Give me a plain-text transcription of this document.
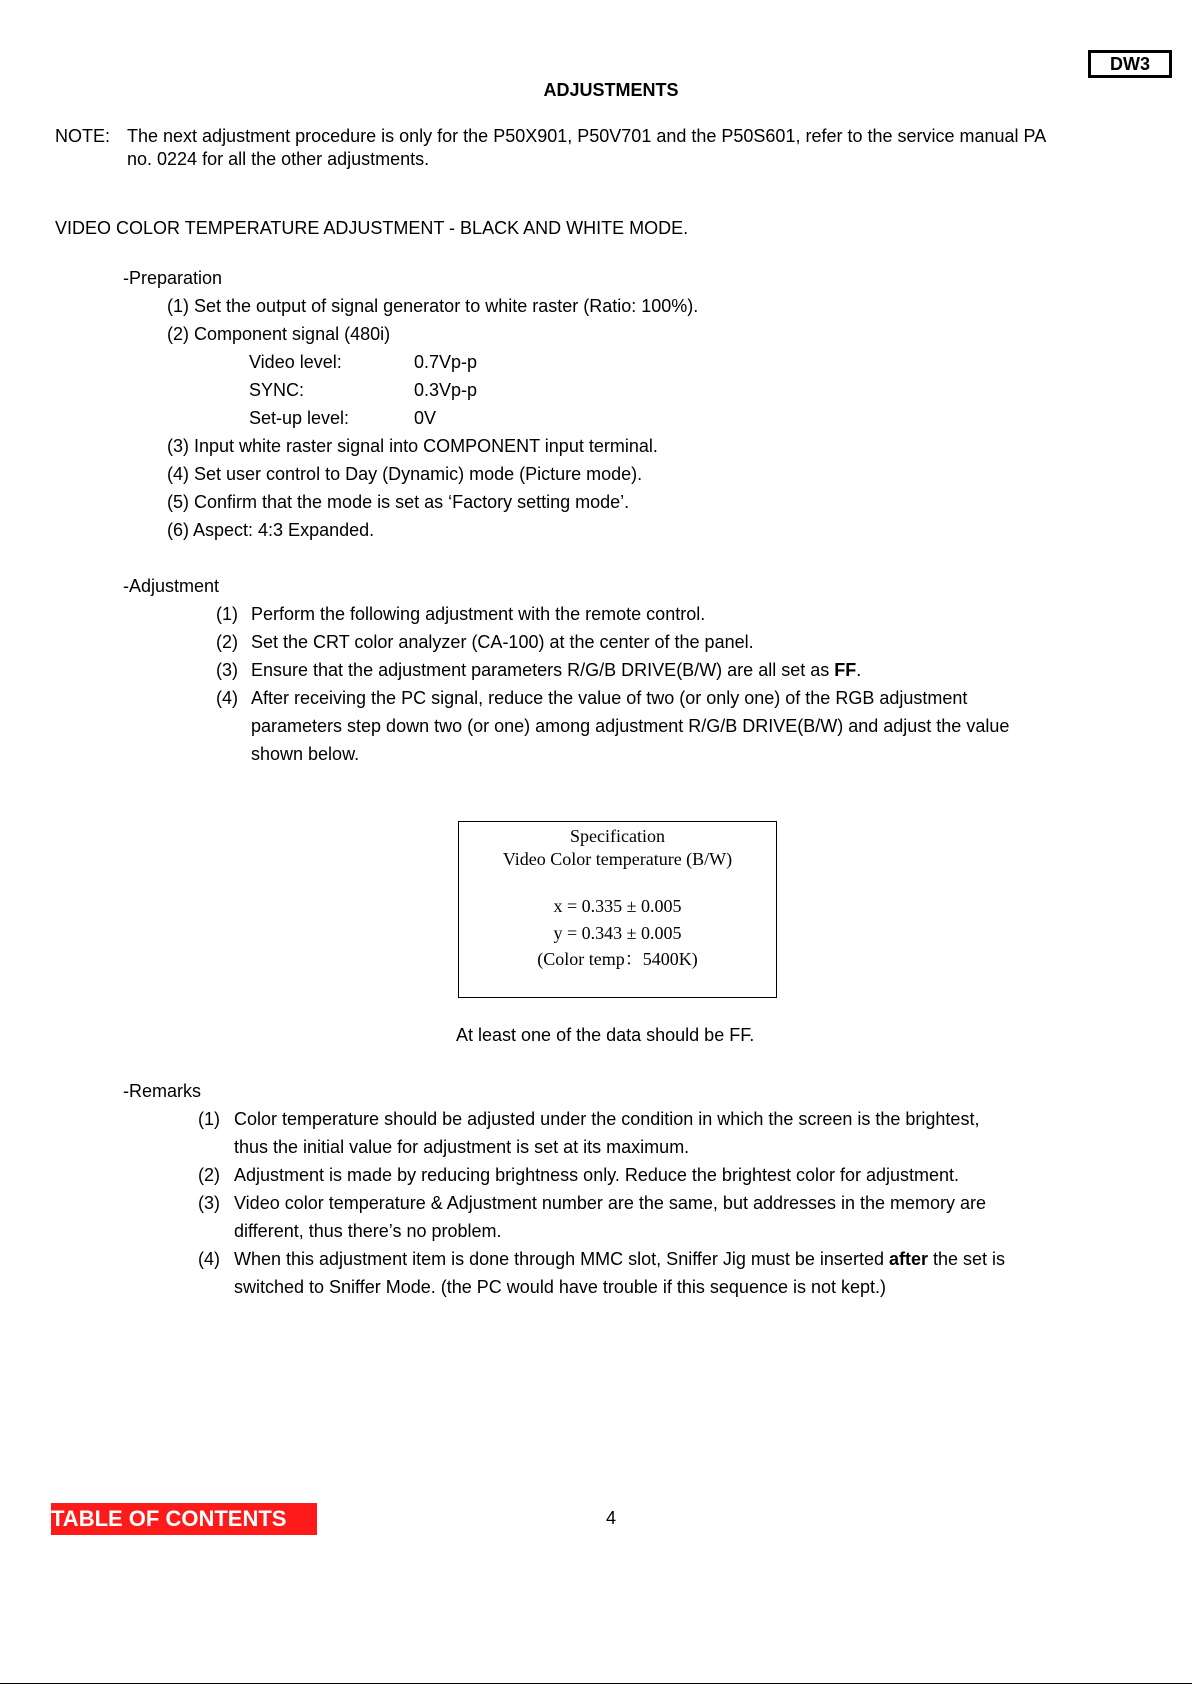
DW3
ADJUSTMENTS
NOTE: The next adjustment procedure is only for the P50X901, P50V701 and the P50S601, refer to the service manual PA
no. 0224 for all the other adjustments.
VIDEO COLOR TEMPERATURE ADJUSTMENT - BLACK AND WHITE MODE.
-Preparation
(1) Set the output of signal generator to white raster (Ratio: 100%).
(2) Component signal (480i)
Video level:	0.7Vp-p
SYNC:	0.3Vp-p
Set-up level:	0V
(3) Input white raster signal into COMPONENT input terminal.
(4) Set user control to Day (Dynamic) mode (Picture mode).
(5) Confirm that the mode is set as ‘Factory setting mode’.
(6) Aspect: 4:3 Expanded.
-Adjustment
(1) Perform the following adjustment with the remote control.
(2) Set the CRT color analyzer (CA-100) at the center of the panel.
(3) Ensure that the adjustment parameters R/G/B DRIVE(B/W) are all set as FF.
(4) After receiving the PC signal, reduce the value of two (or only one) of the RGB adjustment
parameters step down two (or one) among adjustment R/G/B DRIVE(B/W) and adjust the value
shown below.
Specification
Video Color temperature (B/W)
x = 0.335 ± 0.005
y = 0.343 ± 0.005
(Color temp：5400K)
At least one of the data should be FF.
-Remarks
(1) Color temperature should be adjusted under the condition in which the screen is the brightest,
thus the initial value for adjustment is set at its maximum.
(2) Adjustment is made by reducing brightness only. Reduce the brightest color for adjustment.
(3) Video color temperature & Adjustment number are the same, but addresses in the memory are
different, thus there’s no problem.
(4) When this adjustment item is done through MMC slot, Sniffer Jig must be inserted after the set is
switched to Sniffer Mode. (the PC would have trouble if this sequence is not kept.)
TABLE OF CONTENTS	4
